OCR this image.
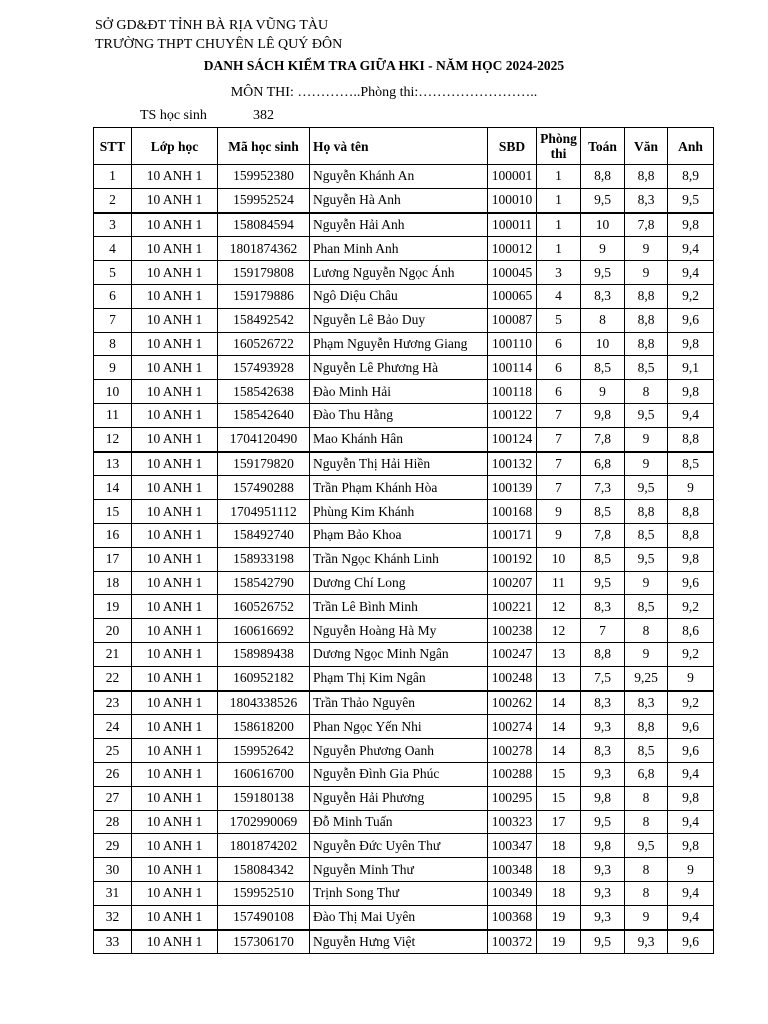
SỞ GD&ĐT TỈNH BÀ RỊA VŨNG TÀU
TRƯỜNG THPT CHUYÊN LÊ QUÝ ĐÔN
DANH SÁCH KIỂM TRA GIỮA HKI - NĂM HỌC 2024-2025
MÔN THI: …………..Phòng thi:……………………..
TS học sinh	382
STT	Lớp học	Mã học sinh	Họ và tên	SBD	Phòng thi	Toán	Văn	Anh
1	10 ANH 1	159952380	Nguyễn Khánh An	100001	1	8,8	8,8	8,9
2	10 ANH 1	159952524	Nguyễn Hà Anh	100010	1	9,5	8,3	9,5
3	10 ANH 1	158084594	Nguyễn Hải Anh	100011	1	10	7,8	9,8
4	10 ANH 1	1801874362	Phan Minh Anh	100012	1	9	9	9,4
5	10 ANH 1	159179808	Lương Nguyễn Ngọc Ánh	100045	3	9,5	9	9,4
6	10 ANH 1	159179886	Ngô Diệu Châu	100065	4	8,3	8,8	9,2
7	10 ANH 1	158492542	Nguyễn Lê Bảo Duy	100087	5	8	8,8	9,6
8	10 ANH 1	160526722	Phạm Nguyễn Hương Giang	100110	6	10	8,8	9,8
9	10 ANH 1	157493928	Nguyễn Lê Phương Hà	100114	6	8,5	8,5	9,1
10	10 ANH 1	158542638	Đào Minh Hải	100118	6	9	8	9,8
11	10 ANH 1	158542640	Đào Thu Hằng	100122	7	9,8	9,5	9,4
12	10 ANH 1	1704120490	Mao Khánh Hân	100124	7	7,8	9	8,8
13	10 ANH 1	159179820	Nguyễn Thị Hải Hiền	100132	7	6,8	9	8,5
14	10 ANH 1	157490288	Trần Phạm Khánh Hòa	100139	7	7,3	9,5	9
15	10 ANH 1	1704951112	Phùng Kim Khánh	100168	9	8,5	8,8	8,8
16	10 ANH 1	158492740	Phạm Bảo Khoa	100171	9	7,8	8,5	8,8
17	10 ANH 1	158933198	Trần Ngọc Khánh Linh	100192	10	8,5	9,5	9,8
18	10 ANH 1	158542790	Dương Chí Long	100207	11	9,5	9	9,6
19	10 ANH 1	160526752	Trần Lê Bình Minh	100221	12	8,3	8,5	9,2
20	10 ANH 1	160616692	Nguyễn Hoàng Hà My	100238	12	7	8	8,6
21	10 ANH 1	158989438	Dương Ngọc Minh Ngân	100247	13	8,8	9	9,2
22	10 ANH 1	160952182	Phạm Thị Kim Ngân	100248	13	7,5	9,25	9
23	10 ANH 1	1804338526	Trần Thảo Nguyên	100262	14	8,3	8,3	9,2
24	10 ANH 1	158618200	Phan Ngọc Yến Nhi	100274	14	9,3	8,8	9,6
25	10 ANH 1	159952642	Nguyễn Phương Oanh	100278	14	8,3	8,5	9,6
26	10 ANH 1	160616700	Nguyễn Đình Gia Phúc	100288	15	9,3	6,8	9,4
27	10 ANH 1	159180138	Nguyễn Hải Phương	100295	15	9,8	8	9,8
28	10 ANH 1	1702990069	Đỗ Minh Tuấn	100323	17	9,5	8	9,4
29	10 ANH 1	1801874202	Nguyễn Đức Uyên Thư	100347	18	9,8	9,5	9,8
30	10 ANH 1	158084342	Nguyễn Minh Thư	100348	18	9,3	8	9
31	10 ANH 1	159952510	Trịnh Song Thư	100349	18	9,3	8	9,4
32	10 ANH 1	157490108	Đào Thị Mai Uyên	100368	19	9,3	9	9,4
33	10 ANH 1	157306170	Nguyễn Hưng Việt	100372	19	9,5	9,3	9,6
